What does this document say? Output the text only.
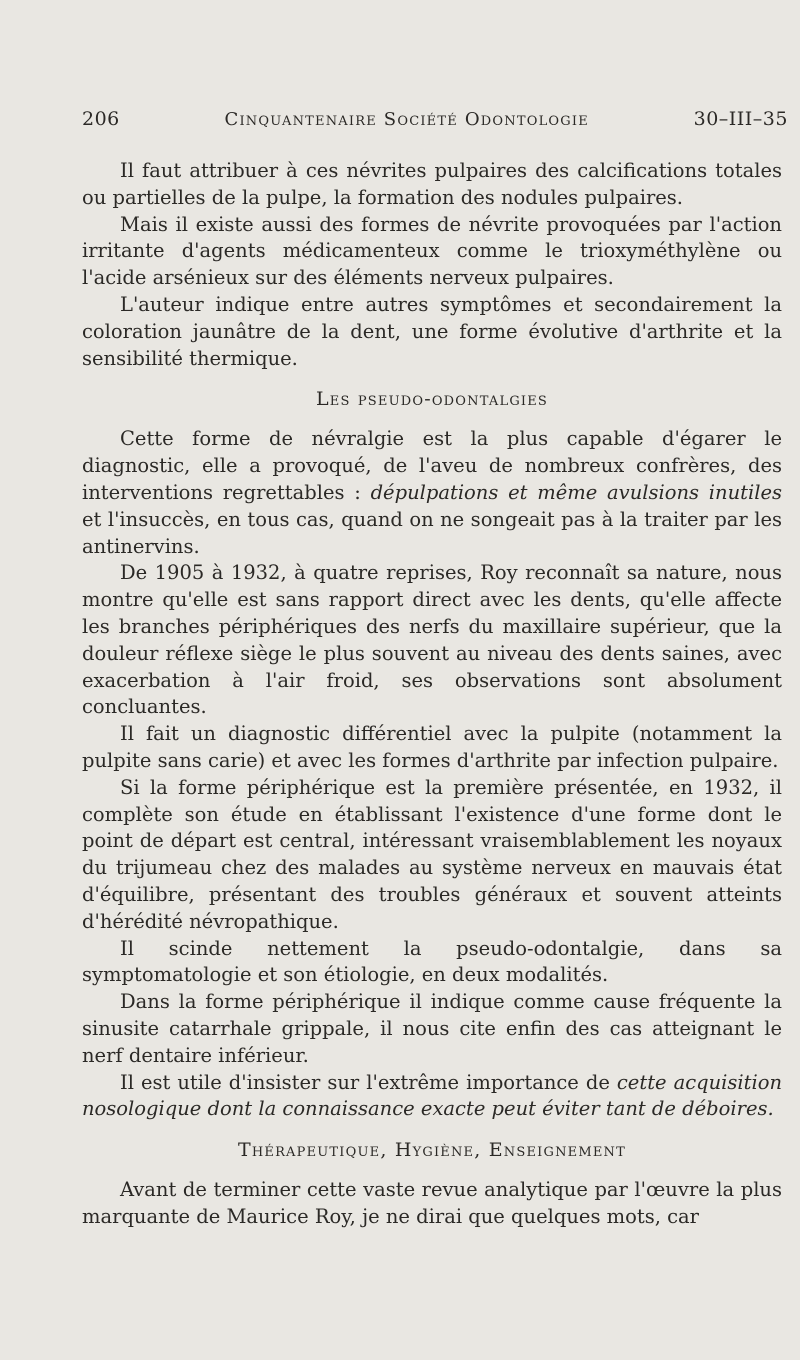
206	Cinquantenaire Société Odontologie	30–III–35

Il faut attribuer à ces névrites pulpaires des calcifications totales ou partielles de la pulpe, la formation des nodules pulpaires.

Mais il existe aussi des formes de névrite provoquées par l'action irritante d'agents médicamenteux comme le trioxyméthylène ou l'acide arsénieux sur des éléments nerveux pulpaires.

L'auteur indique entre autres symptômes et secondairement la coloration jaunâtre de la dent, une forme évolutive d'arthrite et la sensibilité thermique.

Les pseudo-odontalgies

Cette forme de névralgie est la plus capable d'égarer le diagnostic, elle a provoqué, de l'aveu de nombreux confrères, des interventions regrettables : dépulpations et même avulsions inutiles et l'insuccès, en tous cas, quand on ne songeait pas à la traiter par les antinervins.

De 1905 à 1932, à quatre reprises, Roy reconnaît sa nature, nous montre qu'elle est sans rapport direct avec les dents, qu'elle affecte les branches périphériques des nerfs du maxillaire supérieur, que la douleur réflexe siège le plus souvent au niveau des dents saines, avec exacerbation à l'air froid, ses observations sont absolument concluantes.

Il fait un diagnostic différentiel avec la pulpite (notamment la pulpite sans carie) et avec les formes d'arthrite par infection pulpaire.

Si la forme périphérique est la première présentée, en 1932, il complète son étude en établissant l'existence d'une forme dont le point de départ est central, intéressant vraisemblablement les noyaux du trijumeau chez des malades au système nerveux en mauvais état d'équilibre, présentant des troubles généraux et souvent atteints d'hérédité névropathique.

Il scinde nettement la pseudo-odontalgie, dans sa symptomatologie et son étiologie, en deux modalités.

Dans la forme périphérique il indique comme cause fréquente la sinusite catarrhale grippale, il nous cite enfin des cas atteignant le nerf dentaire inférieur.

Il est utile d'insister sur l'extrême importance de cette acquisition nosologique dont la connaissance exacte peut éviter tant de déboires.

Thérapeutique, Hygiène, Enseignement

Avant de terminer cette vaste revue analytique par l'œuvre la plus marquante de Maurice Roy, je ne dirai que quelques mots, car
